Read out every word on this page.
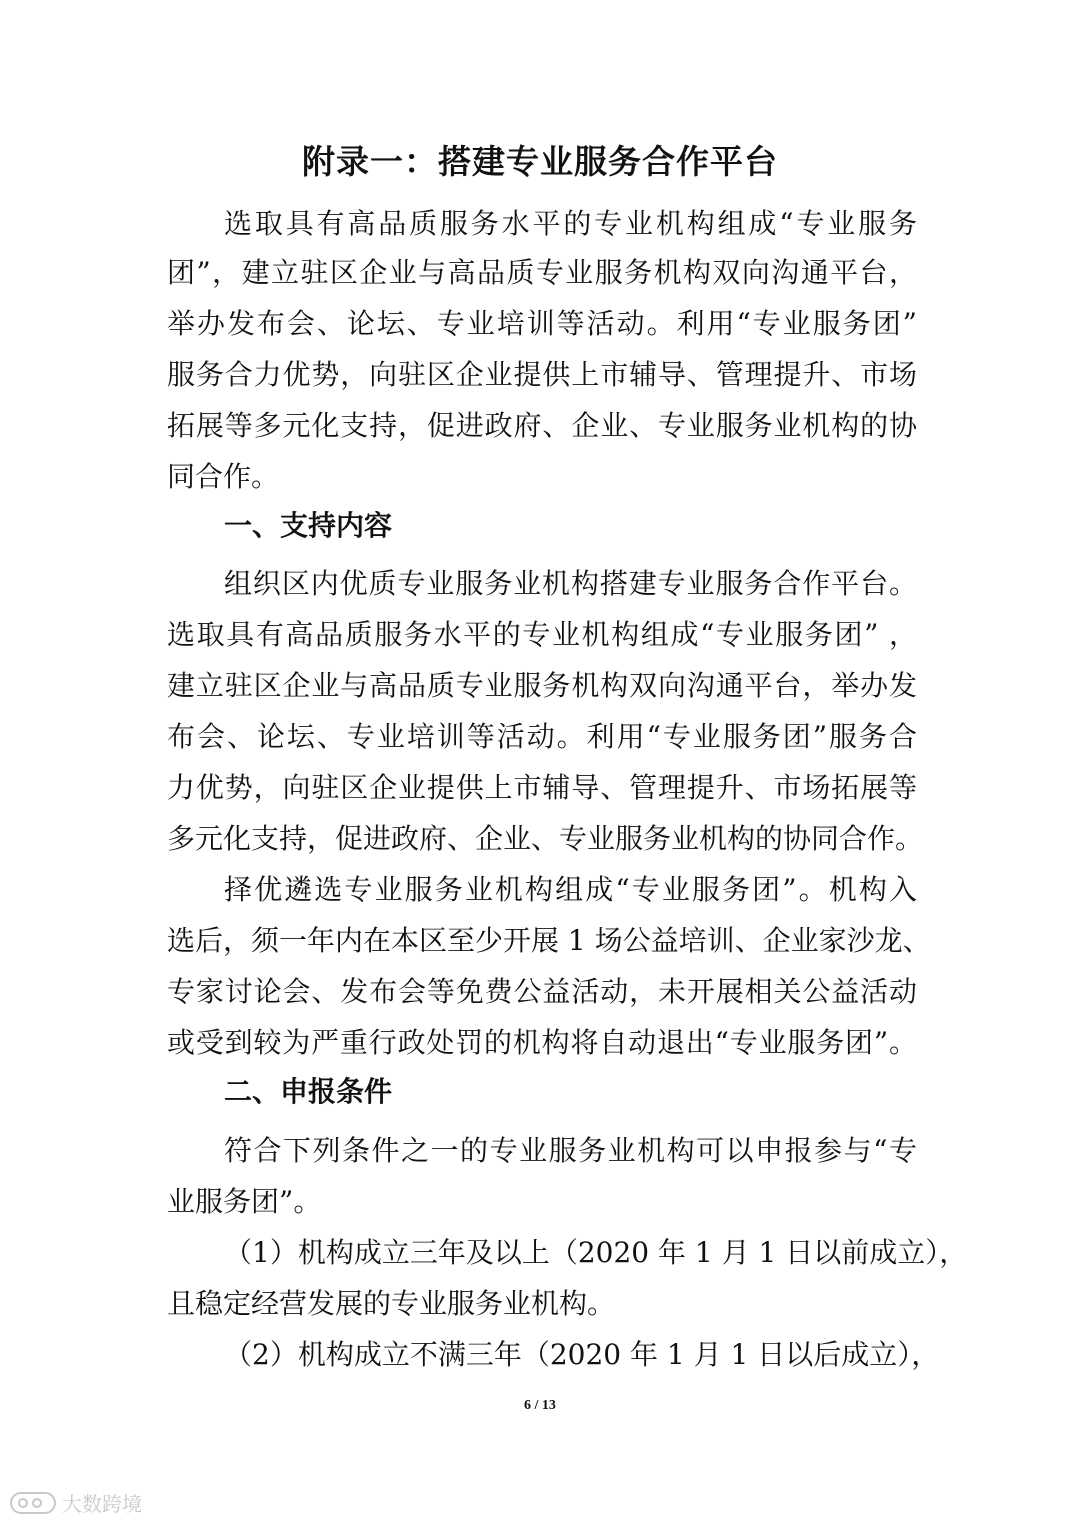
附录一：搭建专业服务合作平台

选取具有高品质服务水平的专业机构组成“专业服务

团”，建立驻区企业与高品质专业服务机构双向沟通平台，

举办发布会、论坛、专业培训等活动。利用“专业服务团”

服务合力优势，向驻区企业提供上市辅导、管理提升、市场

拓展等多元化支持，促进政府、企业、专业服务业机构的协

同合作。

一、支持内容

组织区内优质专业服务业机构搭建专业服务合作平台。

选取具有高品质服务水平的专业机构组成“专业服务团” ，

建立驻区企业与高品质专业服务机构双向沟通平台，举办发

布会、论坛、专业培训等活动。利用“专业服务团”服务合

力优势，向驻区企业提供上市辅导、管理提升、市场拓展等

多元化支持，促进政府、企业、专业服务业机构的协同合作。

择优遴选专业服务业机构组成“专业服务团”。机构入

选后，须一年内在本区至少开展 1 场公益培训、企业家沙龙、

专家讨论会、发布会等免费公益活动，未开展相关公益活动

或受到较为严重行政处罚的机构将自动退出“专业服务团”。

二、申报条件

符合下列条件之一的专业服务业机构可以申报参与“专

业服务团”。

（1）机构成立三年及以上（2020 年 1 月 1 日以前成立），

且稳定经营发展的专业服务业机构。

（2）机构成立不满三年（2020 年 1 月 1 日以后成立），

6 / 13
大数跨境
